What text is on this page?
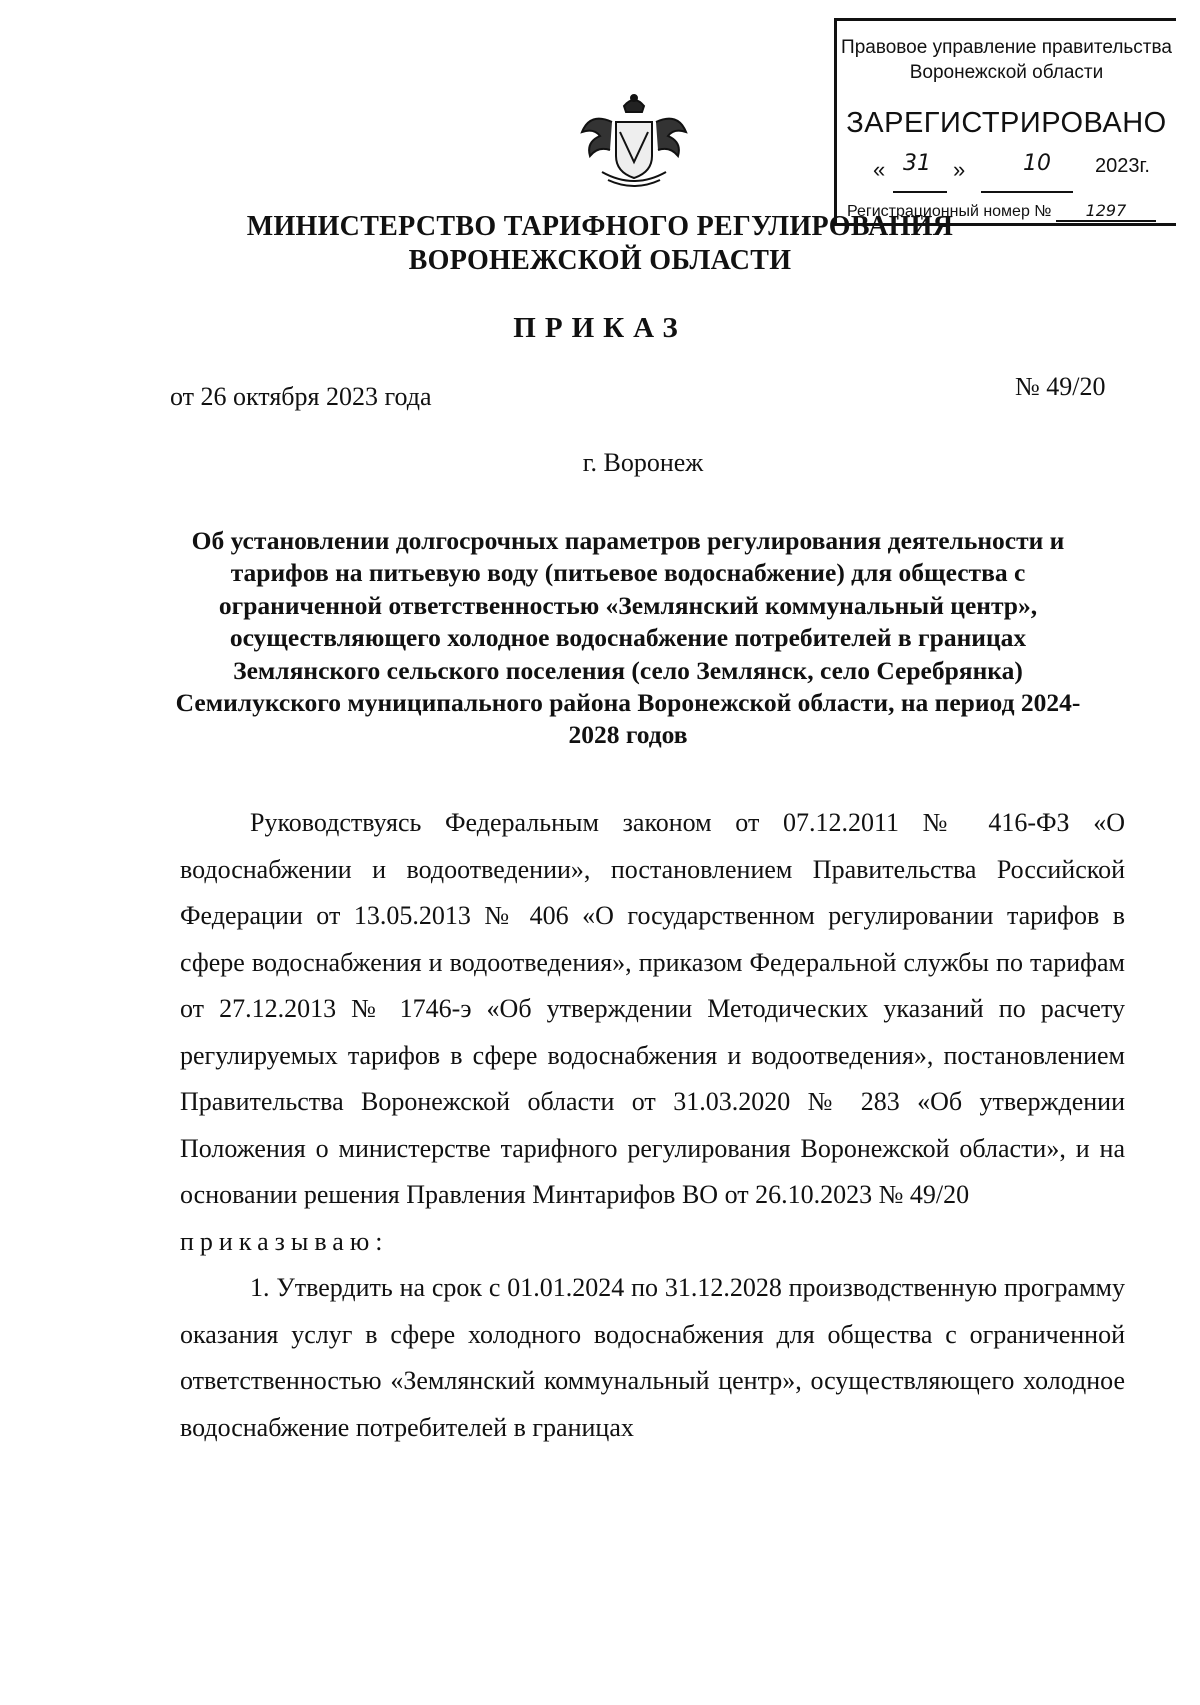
Правовое управление правительства
Воронежской области
ЗАРЕГИСТРИРОВАНО
« 31 »	10 2023г.
Регистрационный номер № 1297
МИНИСТЕРСТВО ТАРИФНОГО РЕГУЛИРОВАНИЯ
ВОРОНЕЖСКОЙ ОБЛАСТИ
ПРИКАЗ
от 26 октября 2023 года	№ 49/20
г. Воронеж
Об установлении долгосрочных параметров регулирования деятельности и тарифов на питьевую воду (питьевое водоснабжение) для общества с ограниченной ответственностью «Землянский коммунальный центр», осуществляющего холодное водоснабжение потребителей в границах Землянского сельского поселения (село Землянск, село Серебрянка) Семилукского муниципального района Воронежской области, на период 2024-2028 годов

Руководствуясь Федеральным законом от 07.12.2011 № 416-ФЗ «О водоснабжении и водоотведении», постановлением Правительства Российской Федерации от 13.05.2013 № 406 «О государственном регулировании тарифов в сфере водоснабжения и водоотведения», приказом Федеральной службы по тарифам от 27.12.2013 № 1746-э «Об утверждении Методических указаний по расчету регулируемых тарифов в сфере водоснабжения и водоотведения», постановлением Правительства Воронежской области от 31.03.2020 № 283 «Об утверждении Положения о министерстве тарифного регулирования Воронежской области», и на основании решения Правления Минтарифов ВО от 26.10.2023 № 49/20

приказываю:

1. Утвердить на срок с 01.01.2024 по 31.12.2028 производственную программу оказания услуг в сфере холодного водоснабжения для общества с ограниченной ответственностью «Землянский коммунальный центр», осуществляющего холодное водоснабжение потребителей в границах
